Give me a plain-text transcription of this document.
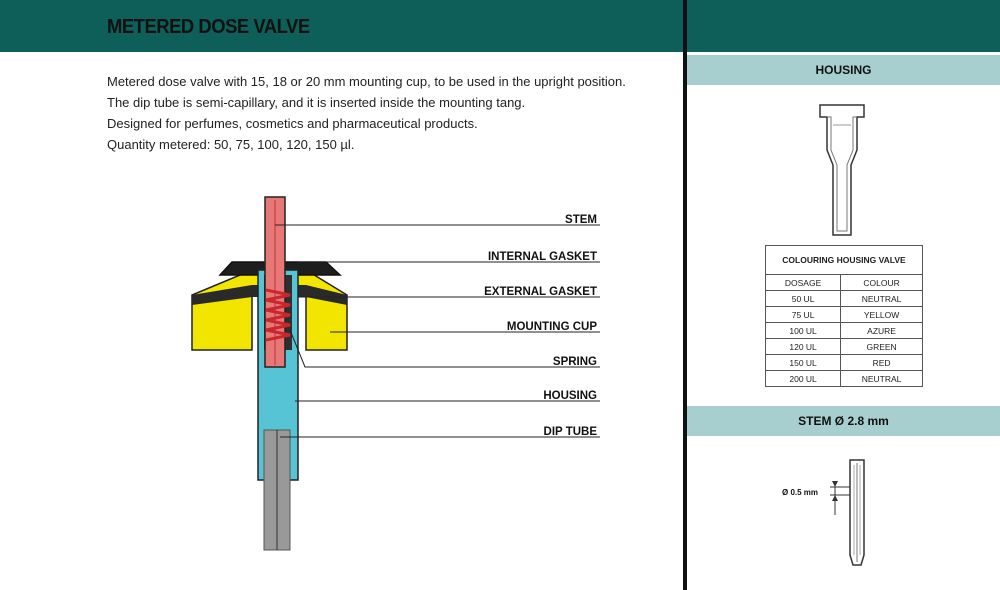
METERED DOSE VALVE

Metered dose valve with 15, 18 or 20 mm mounting cup, to be used in the upright position.

The dip tube is semi-capillary, and it is inserted inside the mounting tang.

Designed for perfumes, cosmetics and pharmaceutical products.

Quantity metered: 50, 75, 100, 120, 150 µl.

STEM
INTERNAL GASKET
EXTERNAL GASKET
MOUNTING CUP
SPRING
HOUSING
DIP TUBE
HOUSING
COLOURING HOUSING VALVE	
DOSAGE	COLOUR
50 UL	NEUTRAL
75 UL	YELLOW
100 UL	AZURE
120 UL	GREEN
150 UL	RED
200 UL	NEUTRAL
STEM Ø 2.8 mm
Ø 0.5 mm
